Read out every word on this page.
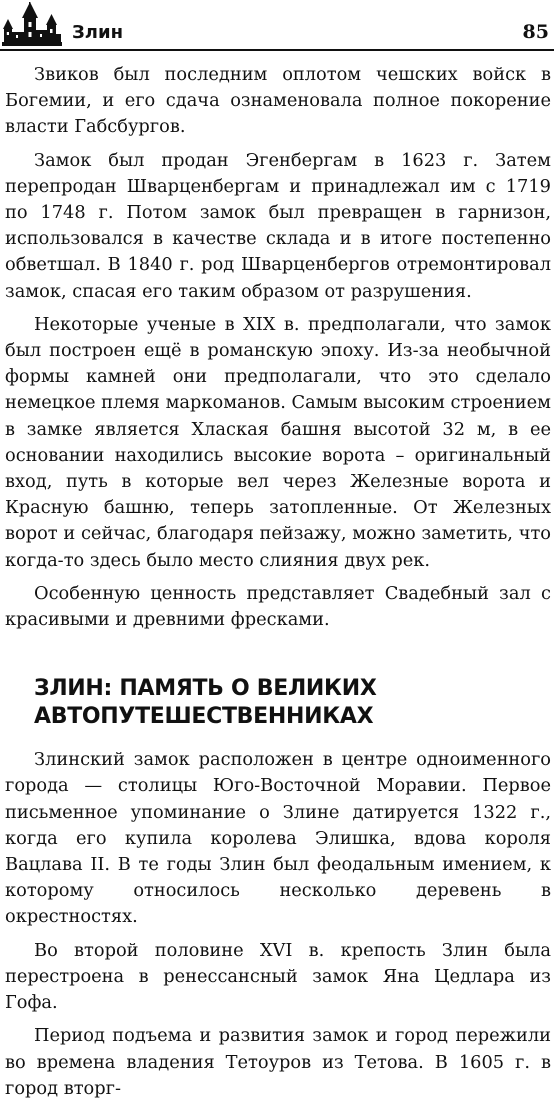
Злин	85

Звиков был последним оплотом чешских войск в Богемии, и его сдача ознаменовала полное покорение власти Габсбургов.

Замок был продан Эгенбергам в 1623 г. Затем перепродан Шварценбергам и принадлежал им с 1719 по 1748 г. Потом замок был превращен в гарнизон, использовался в качестве склада и в итоге постепенно обветшал. В 1840 г. род Шварценбергов отремонтировал замок, спасая его таким образом от разрушения.

Некоторые ученые в XIX в. предполагали, что замок был построен ещё в романскую эпоху. Из-за необычной формы камней они предполагали, что это сделало немецкое племя маркоманов. Самым высоким строением в замке является Хласкaя башня высотой 32 м, в ее основании находились высокие ворота – оригинальный вход, путь в которые вел через Железные ворота и Красную башню, теперь затопленные. От Железных ворот и сейчас, благодаря пейзажу, можно заметить, что когда-то здесь было место слияния двух рек.

Особенную ценность представляет Свадебный зал с красивыми и древними фресками.

ЗЛИН: ПАМЯТЬ О ВЕЛИКИХ
АВТОПУТЕШЕСТВЕННИКАХ

Злинский замок расположен в центре одноименного города — столицы Юго-Восточной Моравии. Первое письменное упоминание о Злине датируется 1322 г., когда его купила королева Элишка, вдова короля Вацлава II. В те годы Злин был феодальным имением, к которому относилось несколько деревень в окрестностях.

Во второй половине XVI в. крепость Злин была перестроена в ренессансный замок Яна Цедлара из Гофа.

Период подъема и развития замок и город пережили во времена владения Тетоуров из Тетова. В 1605 г. в город вторг-
